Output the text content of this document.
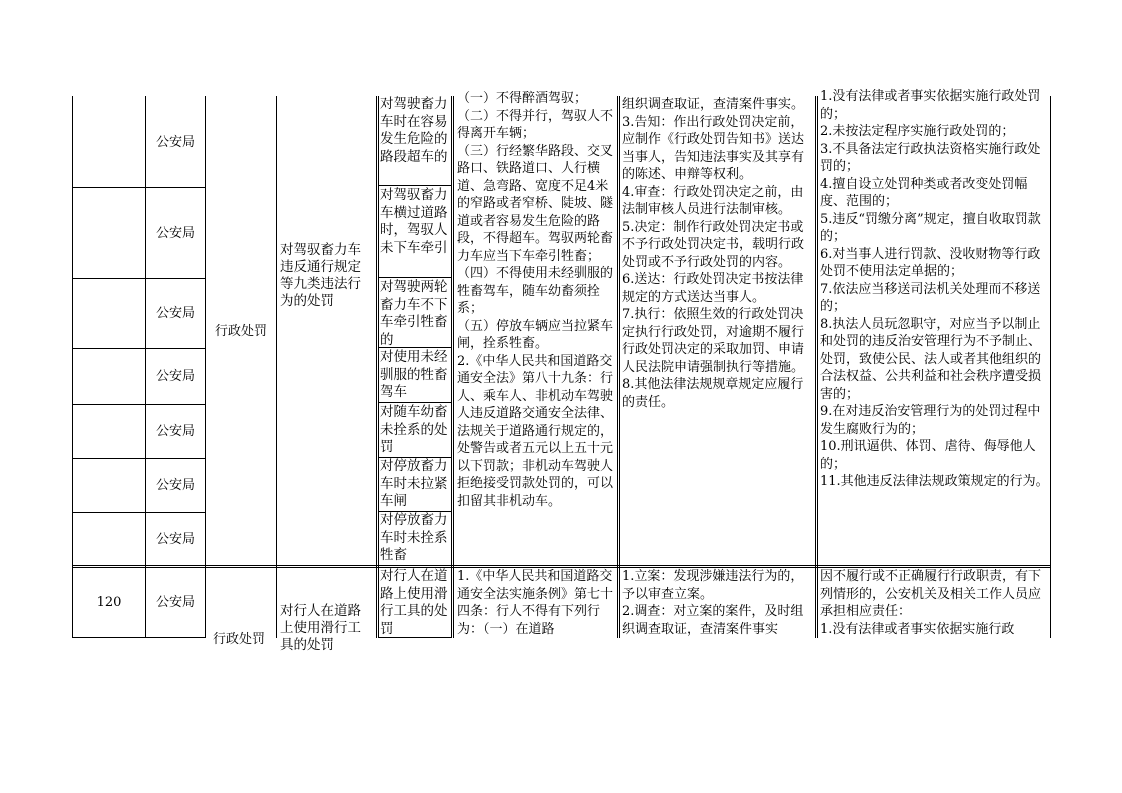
公安局
公安局
公安局
公安局
公安局
公安局
公安局
行政处罚
对驾驭畜力车违反通行规定等九类违法行为的处罚
对驾驶畜力车时在容易发生危险的路段超车的
对驾驭畜力车横过道路时，驾驭人未下车牵引
对驾驶两轮畜力车不下车牵引牲畜的
对使用未经驯服的牲畜驾车
对随车幼畜未拴系的处罚
对停放畜力车时未拉紧车闸
对停放畜力车时未拴系牲畜
（一）不得醉酒驾驭；
（二）不得并行，驾驭人不得离开车辆；
（三）行经繁华路段、交叉路口、铁路道口、人行横道、急弯路、宽度不足4米的窄路或者窄桥、陡坡、隧道或者容易发生危险的路段，不得超车。驾驭两轮畜力车应当下车牵引牲畜；
（四）不得使用未经驯服的牲畜驾车，随车幼畜须拴系；
（五）停放车辆应当拉紧车闸，拴系牲畜。
2.《中华人民共和国道路交通安全法》第八十九条：行人、乘车人、非机动车驾驶人违反道路交通安全法律、法规关于道路通行规定的，处警告或者五元以上五十元以下罚款；非机动车驾驶人拒绝接受罚款处罚的，可以扣留其非机动车。
组织调查取证，查清案件事实。
3.告知：作出行政处罚决定前，应制作《行政处罚告知书》送达当事人，告知违法事实及其享有的陈述、申辩等权利。
4.审查：行政处罚决定之前，由法制审核人员进行法制审核。
5.决定：制作行政处罚决定书或不予行政处罚决定书，载明行政处罚或不予行政处罚的内容。
6.送达：行政处罚决定书按法律规定的方式送达当事人。
7.执行：依照生效的行政处罚决定执行行政处罚，对逾期不履行行政处罚决定的采取加罚、申请人民法院申请强制执行等措施。
8.其他法律法规规章规定应履行的责任。
1.没有法律或者事实依据实施行政处罚的；
2.未按法定程序实施行政处罚的；
3.不具备法定行政执法资格实施行政处罚的；
4.擅自设立处罚种类或者改变处罚幅度、范围的；
5.违反“罚缴分离”规定，擅自收取罚款的；
6.对当事人进行罚款、没收财物等行政处罚不使用法定单据的；
7.依法应当移送司法机关处理而不移送的；
8.执法人员玩忽职守，对应当予以制止和处罚的违反治安管理行为不予制止、处罚，致使公民、法人或者其他组织的合法权益、公共利益和社会秩序遭受损害的；
9.在对违反治安管理行为的处罚过程中发生腐败行为的；
10.刑讯逼供、体罚、虐待、侮辱他人的；
11.其他违反法律法规政策规定的行为。
120	公安局
行政处罚
对行人在道路上使用滑行工具的处罚
对行人在道路上使用滑行工具的处罚
1.《中华人民共和国道路交通安全法实施条例》第七十四条：行人不得有下列行为：（一）在道路
1.立案：发现涉嫌违法行为的，予以审查立案。
2.调查：对立案的案件，及时组织调查取证，查清案件事实
因不履行或不正确履行行政职责，有下列情形的，公安机关及相关工作人员应承担相应责任：
1.没有法律或者事实依据实施行政
